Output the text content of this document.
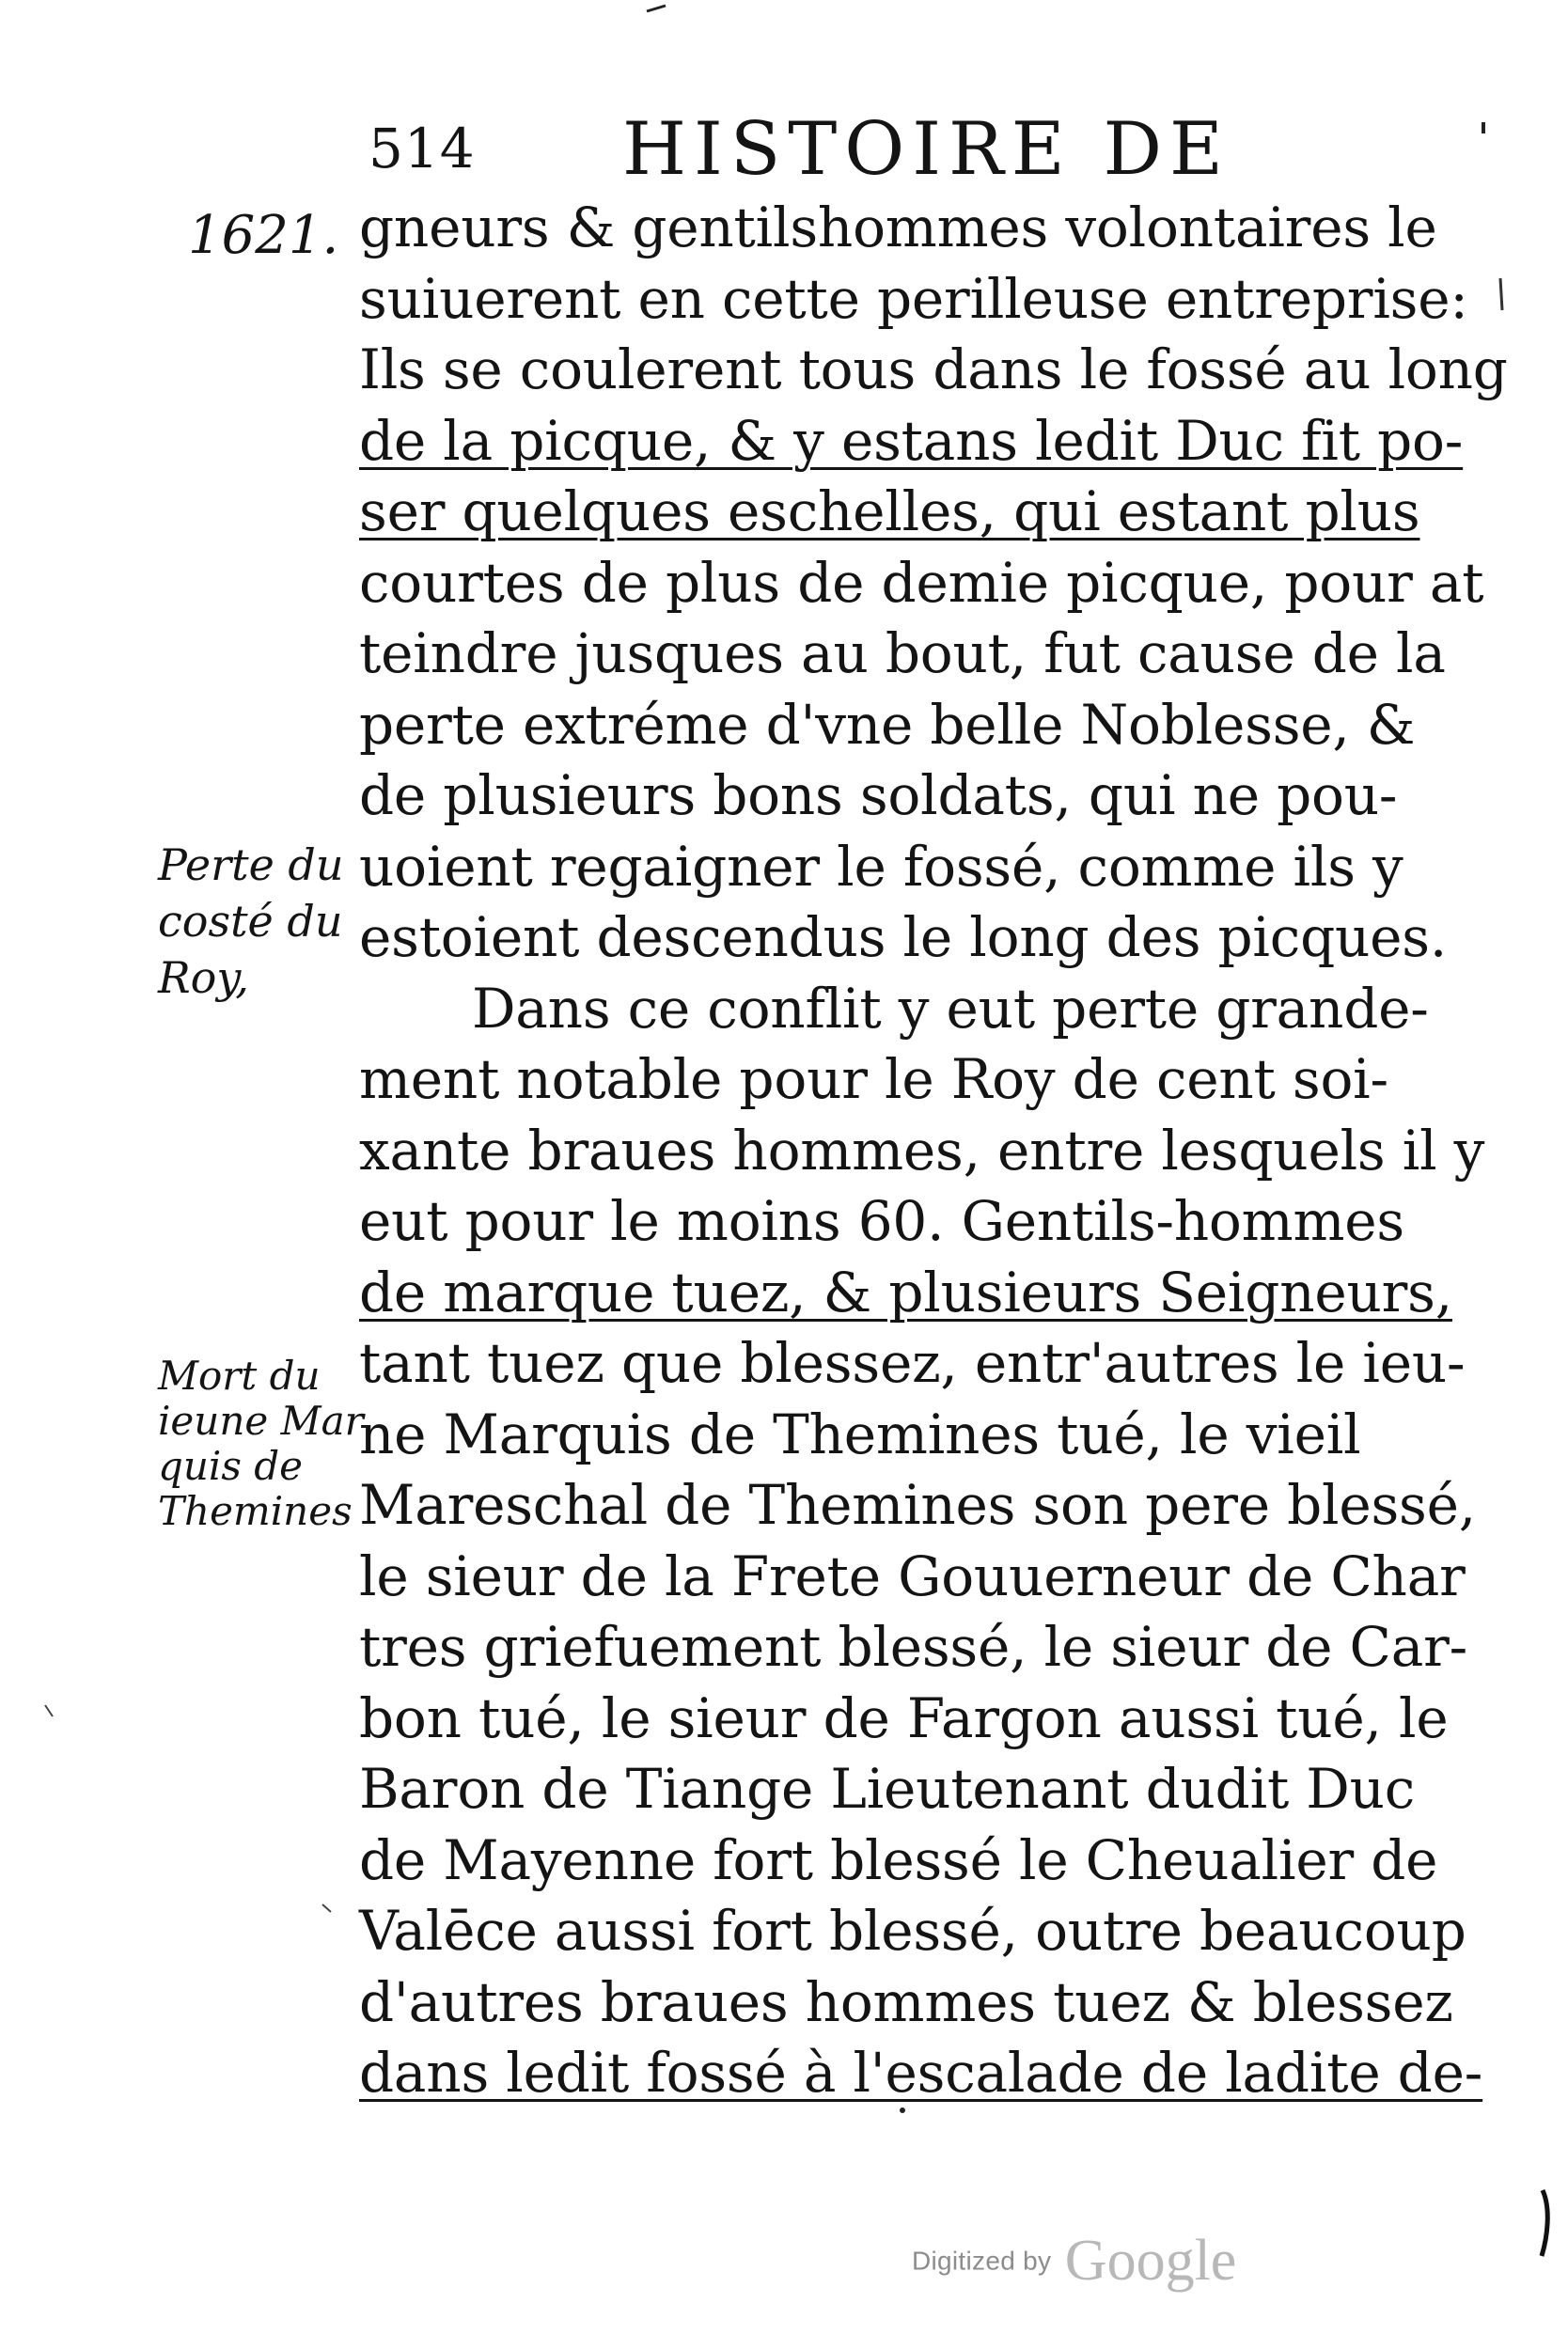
514 HISTOIRE DE
1621.
Perte du
costé du
Roy,
Mort du
ieune Mar
quis de
Themines
gneurs & gentilshommes volontaires le
suiuerent en cette perilleuse entreprise:
Ils se coulerent tous dans le fossé au long
de la picque, & y estans ledit Duc fit po-
ser quelques eschelles, qui estant plus
courtes de plus de demie picque, pour at
teindre jusques au bout, fut cause de la
perte extréme d'vne belle Noblesse, &
de plusieurs bons soldats, qui ne pou-
uoient regaigner le fossé, comme ils y
estoient descendus le long des picques.
Dans ce conflit y eut perte grande-
ment notable pour le Roy de cent soi-
xante braues hommes, entre lesquels il y
eut pour le moins 60. Gentils-hommes
de marque tuez, & plusieurs Seigneurs,
tant tuez que blessez, entr'autres le ieu-
ne Marquis de Themines tué, le vieil
Mareschal de Themines son pere blessé,
le sieur de la Frete Gouuerneur de Char
tres griefuement blessé, le sieur de Car-
bon tué, le sieur de Fargon aussi tué, le
Baron de Tiange Lieutenant dudit Duc
de Mayenne fort blessé le Cheualier de
Valēce aussi fort blessé, outre beaucoup
d'autres braues hommes tuez & blessez
dans ledit fossé à l'escalade de ladite de-
Digitized by Google
